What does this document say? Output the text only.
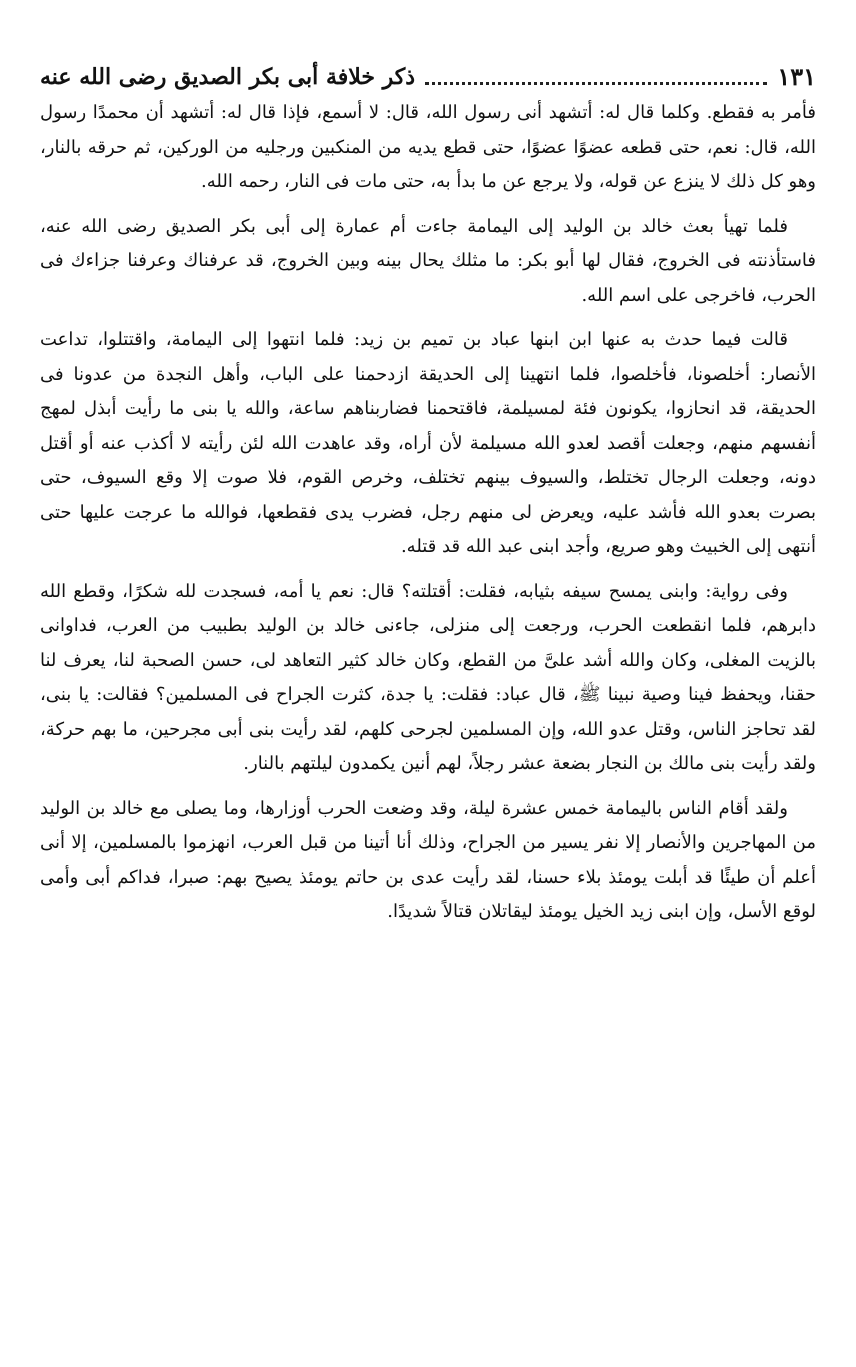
ذكر خلافة أبى بكر الصديق رضى الله عنه	١٣١

فأمر به فقطع. وكلما قال له: أتشهد أنى رسول الله، قال: لا أسمع، فإذا قال له: أتشهد أن محمدًا رسول الله، قال: نعم، حتى قطعه عضوًا عضوًا، حتى قطع يديه من المنكبين ورجليه من الوركين، ثم حرقه بالنار، وهو كل ذلك لا ينزع عن قوله، ولا يرجع عن ما بدأ به، حتى مات فى النار، رحمه الله.

فلما تهيأ بعث خالد بن الوليد إلى اليمامة جاءت أم عمارة إلى أبى بكر الصديق رضى الله عنه، فاستأذنته فى الخروج، فقال لها أبو بكر: ما مثلك يحال بينه وبين الخروج، قد عرفناك وعرفنا جزاءك فى الحرب، فاخرجى على اسم الله.

قالت فيما حدث به عنها ابن ابنها عباد بن تميم بن زيد: فلما انتهوا إلى اليمامة، واقتتلوا، تداعت الأنصار: أخلصونا، فأخلصوا، فلما انتهينا إلى الحديقة ازدحمنا على الباب، وأهل النجدة من عدونا فى الحديقة، قد انحازوا، يكونون فئة لمسيلمة، فاقتحمنا فضاربناهم ساعة، والله يا بنى ما رأيت أبذل لمهج أنفسهم منهم، وجعلت أقصد لعدو الله مسيلمة لأن أراه، وقد عاهدت الله لئن رأيته لا أكذب عنه أو أقتل دونه، وجعلت الرجال تختلط، والسيوف بينهم تختلف، وخرص القوم، فلا صوت إلا وقع السيوف، حتى بصرت بعدو الله فأشد عليه، ويعرض لى منهم رجل، فضرب يدى فقطعها، فوالله ما عرجت عليها حتى أنتهى إلى الخبيث وهو صريع، وأجد ابنى عبد الله قد قتله.

وفى رواية: وابنى يمسح سيفه بثيابه، فقلت: أقتلته؟ قال: نعم يا أمه، فسجدت لله شكرًا، وقطع الله دابرهم، فلما انقطعت الحرب، ورجعت إلى منزلى، جاءنى خالد بن الوليد بطبيب من العرب، فداوانى بالزيت المغلى، وكان والله أشد علىَّ من القطع، وكان خالد كثير التعاهد لى، حسن الصحبة لنا، يعرف لنا حقنا، ويحفظ فينا وصية نبينا ﷺ، قال عباد: فقلت: يا جدة، كثرت الجراح فى المسلمين؟ فقالت: يا بنى، لقد تحاجز الناس، وقتل عدو الله، وإن المسلمين لجرحى كلهم، لقد رأيت بنى أبى مجرحين، ما بهم حركة، ولقد رأيت بنى مالك بن النجار بضعة عشر رجلاً، لهم أنين يكمدون ليلتهم بالنار.

ولقد أقام الناس باليمامة خمس عشرة ليلة، وقد وضعت الحرب أوزارها، وما يصلى مع خالد بن الوليد من المهاجرين والأنصار إلا نفر يسير من الجراح، وذلك أنا أتينا من قبل العرب، انهزموا بالمسلمين، إلا أنى أعلم أن طيئًا قد أبلت يومئذ بلاء حسنا، لقد رأيت عدى بن حاتم يومئذ يصيح بهم: صبرا، فداكم أبى وأمى لوقع الأسل، وإن ابنى زيد الخيل يومئذ ليقاتلان قتالاً شديدًا.
